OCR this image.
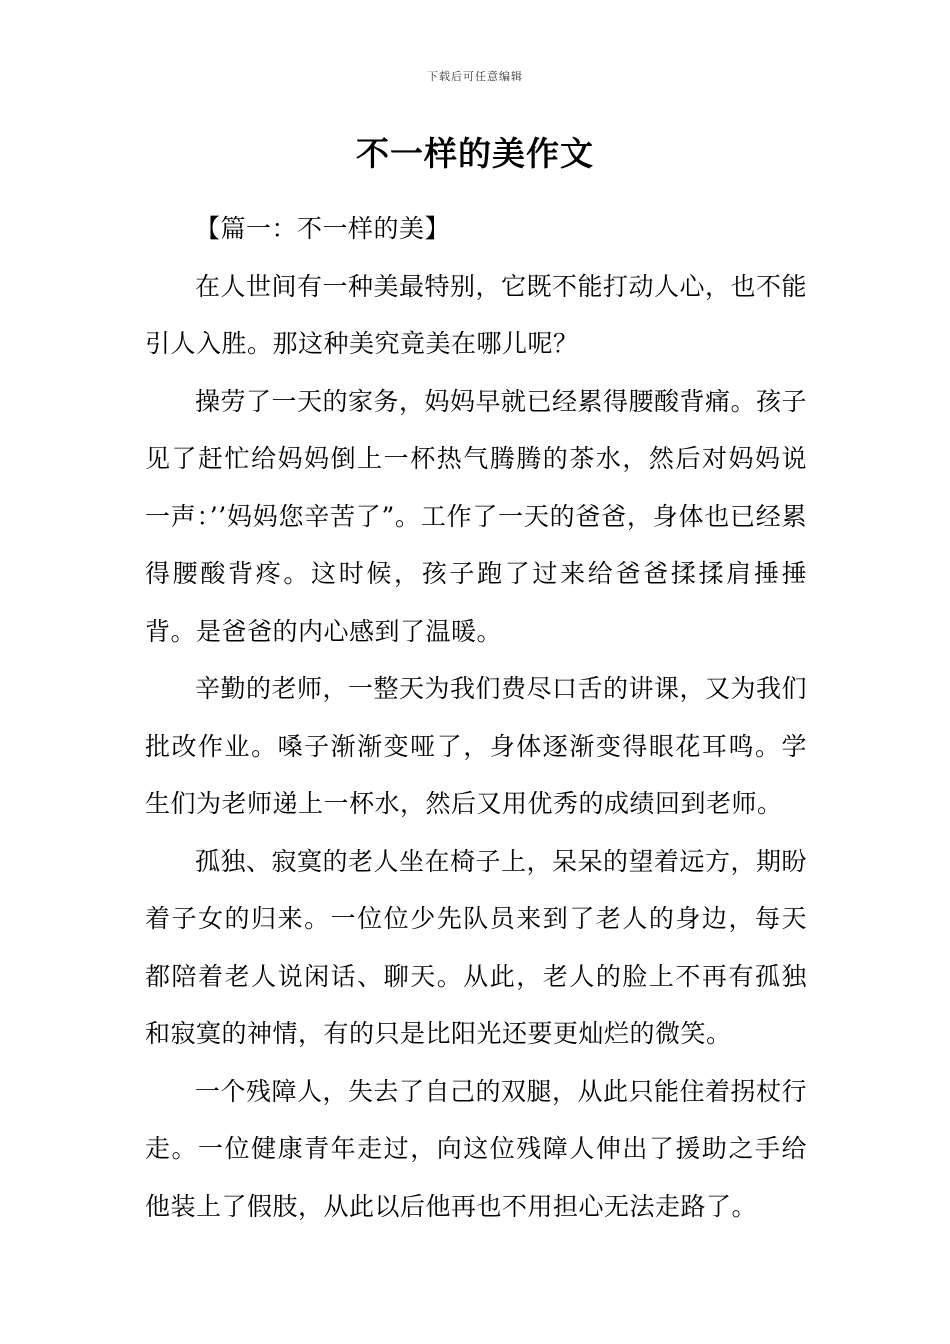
下载后可任意编辑
不一样的美作文

【篇一：不一样的美】

在人世间有一种美最特别，它既不能打动人心，也不能引人入胜。那这种美究竟美在哪儿呢？

操劳了一天的家务，妈妈早就已经累得腰酸背痛。孩子见了赶忙给妈妈倒上一杯热气腾腾的茶水，然后对妈妈说一声：’’妈妈您辛苦了”。工作了一天的爸爸，身体也已经累得腰酸背疼。这时候，孩子跑了过来给爸爸揉揉肩捶捶背。是爸爸的内心感到了温暖。

辛勤的老师，一整天为我们费尽口舌的讲课，又为我们批改作业。嗓子渐渐变哑了，身体逐渐变得眼花耳鸣。学生们为老师递上一杯水，然后又用优秀的成绩回到老师。

孤独、寂寞的老人坐在椅子上，呆呆的望着远方，期盼着子女的归来。一位位少先队员来到了老人的身边，每天都陪着老人说闲话、聊天。从此，老人的脸上不再有孤独和寂寞的神情，有的只是比阳光还要更灿烂的微笑。

一个残障人，失去了自己的双腿，从此只能住着拐杖行走。一位健康青年走过，向这位残障人伸出了援助之手给他装上了假肢，从此以后他再也不用担心无法走路了。
